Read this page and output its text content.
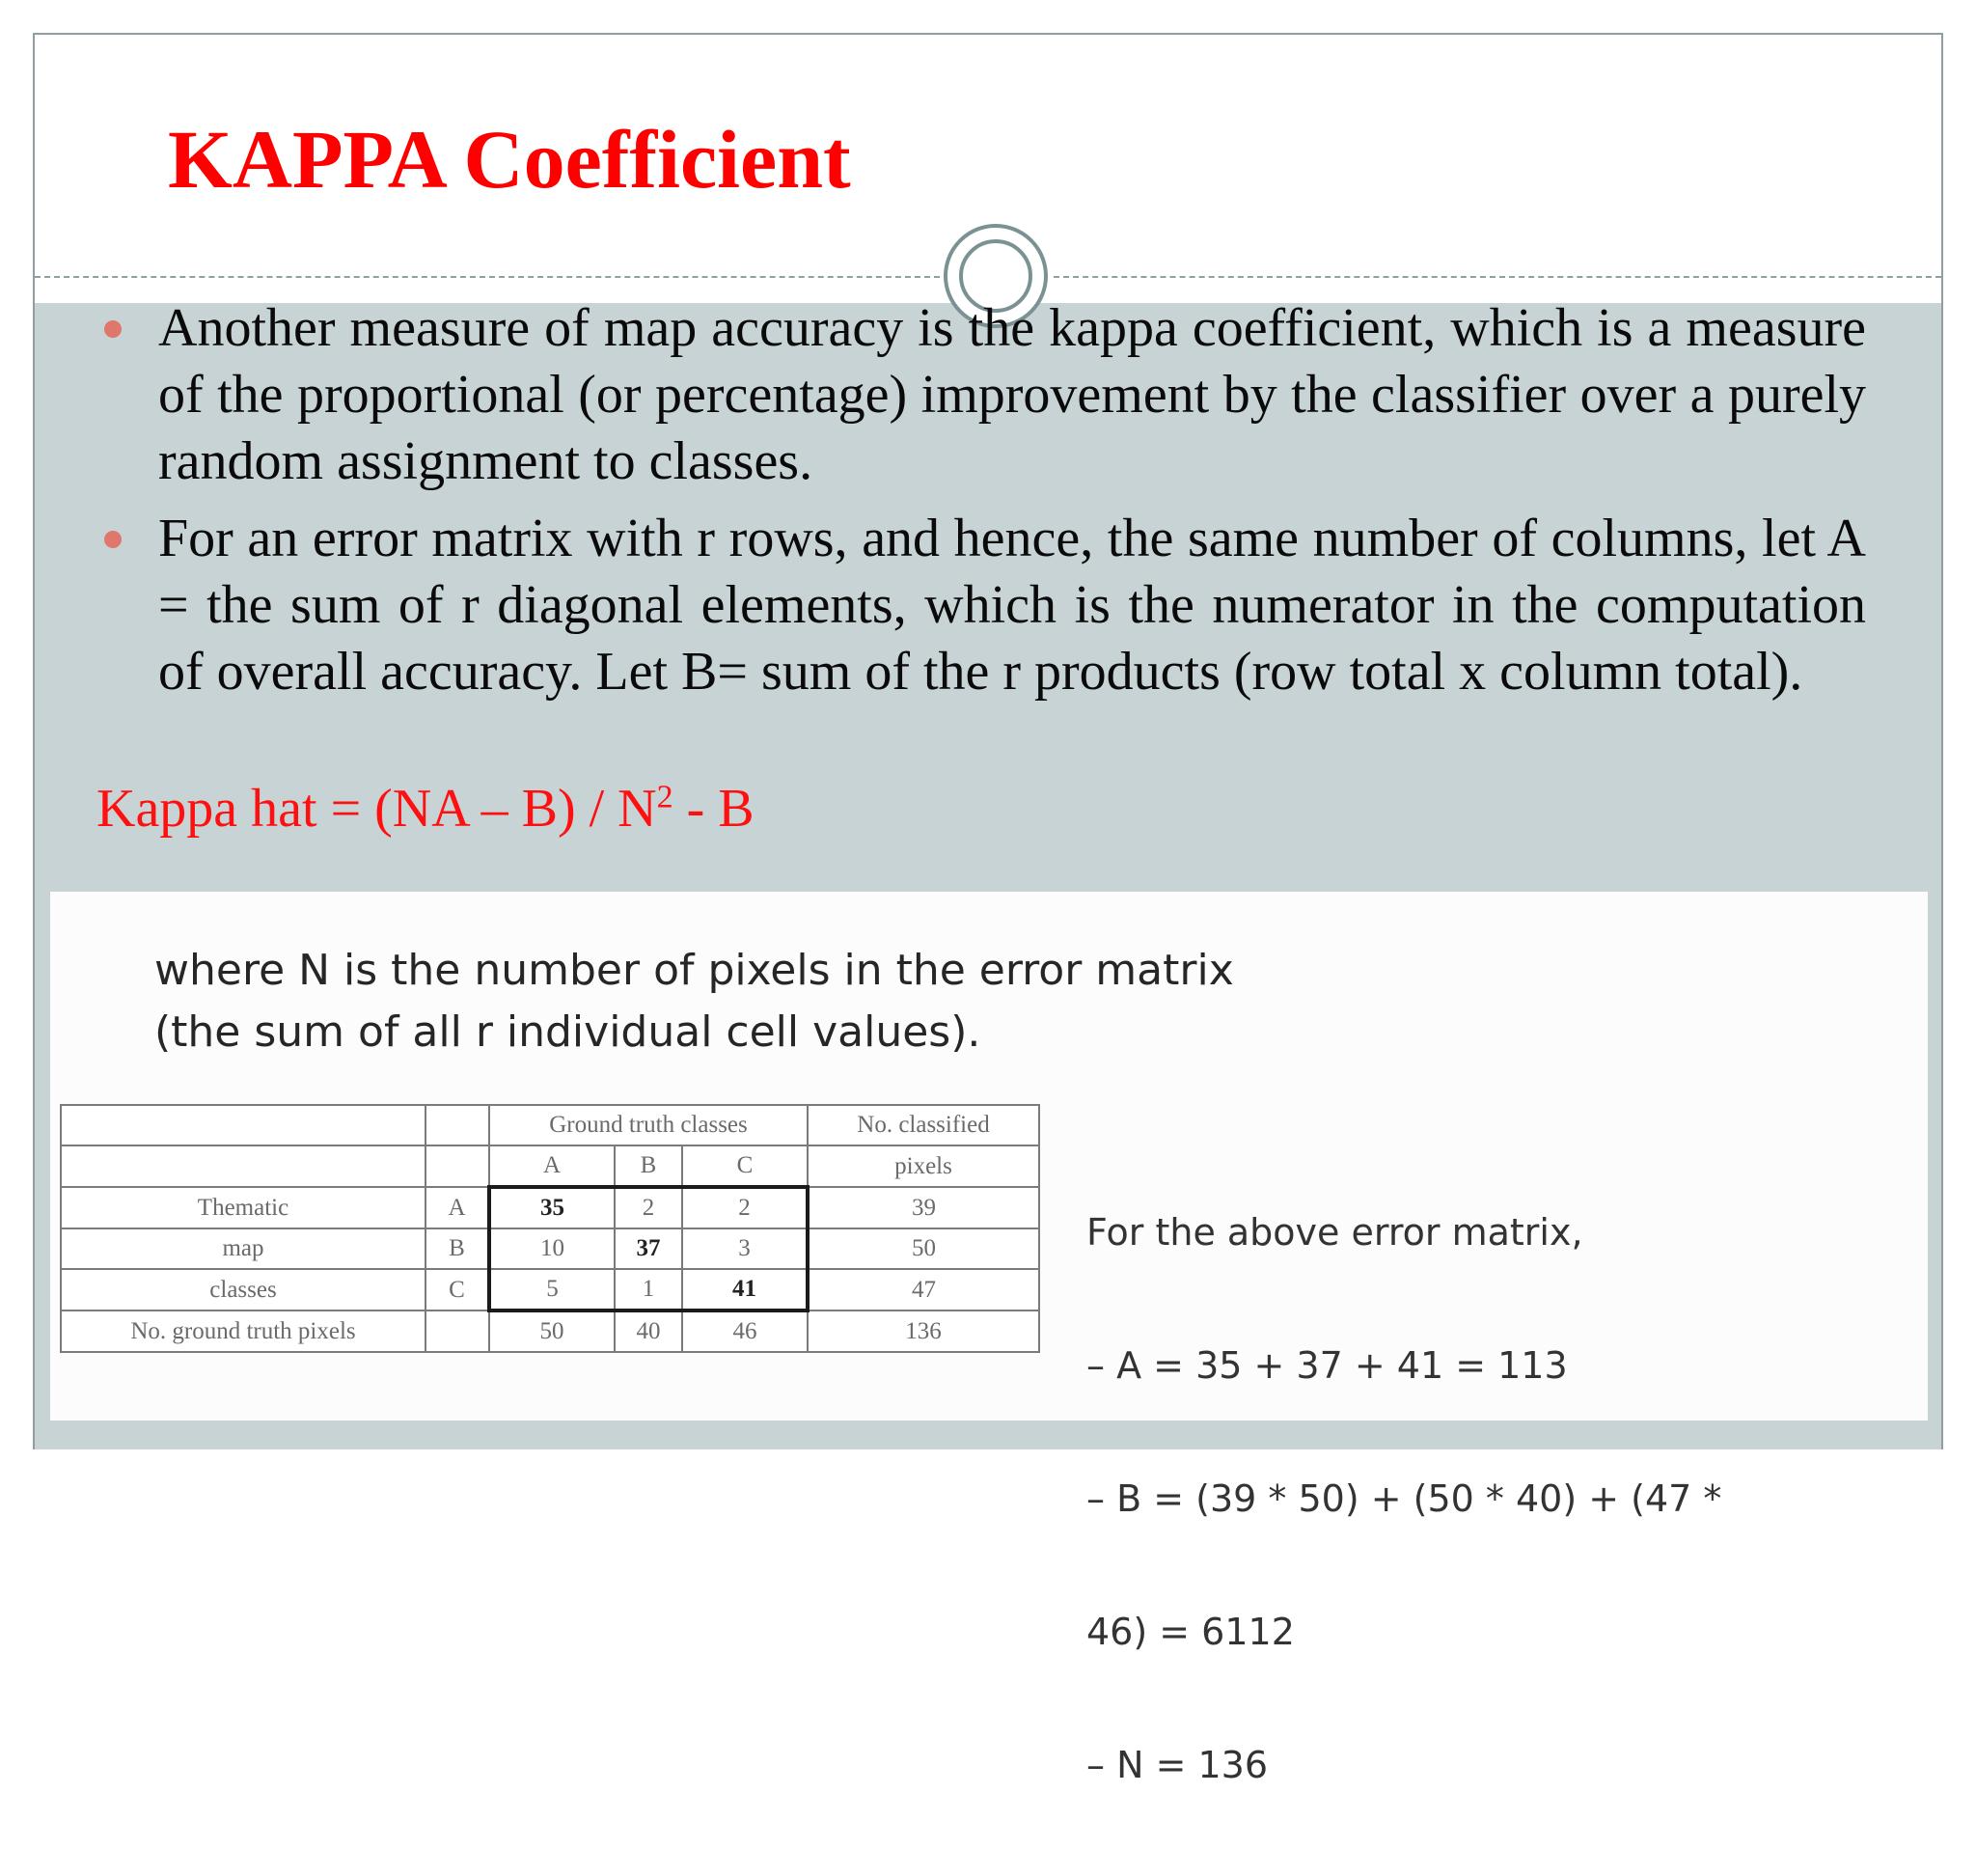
KAPPA Coefficient
Another measure of map accuracy is the kappa coefficient, which is a measure of the proportional (or percentage) improvement by the classifier over a purely random assignment to classes.
For an error matrix with r rows, and hence, the same number of columns, let A = the sum of r diagonal elements, which is the numerator in the computation of overall accuracy. Let B= sum of the r products (row total x column total).
Kappa hat = $(NA - B) / N^2$ - B
where N is the number of pixels in the error matrix
(the sum of all r individual cell values).
		Ground truth classes			No. classified
		A	B	C	pixels
Thematic	A	35	2	2	39
map	B	10	37	3	50
classes	C	5	1	41	47
No. ground truth pixels		50	40	46	136

For the above error matrix,

– A = 35 + 37 + 41 = 113

– B = (39 * 50) + (50 * 40) + (47 *

46) = 6112

– N = 136
